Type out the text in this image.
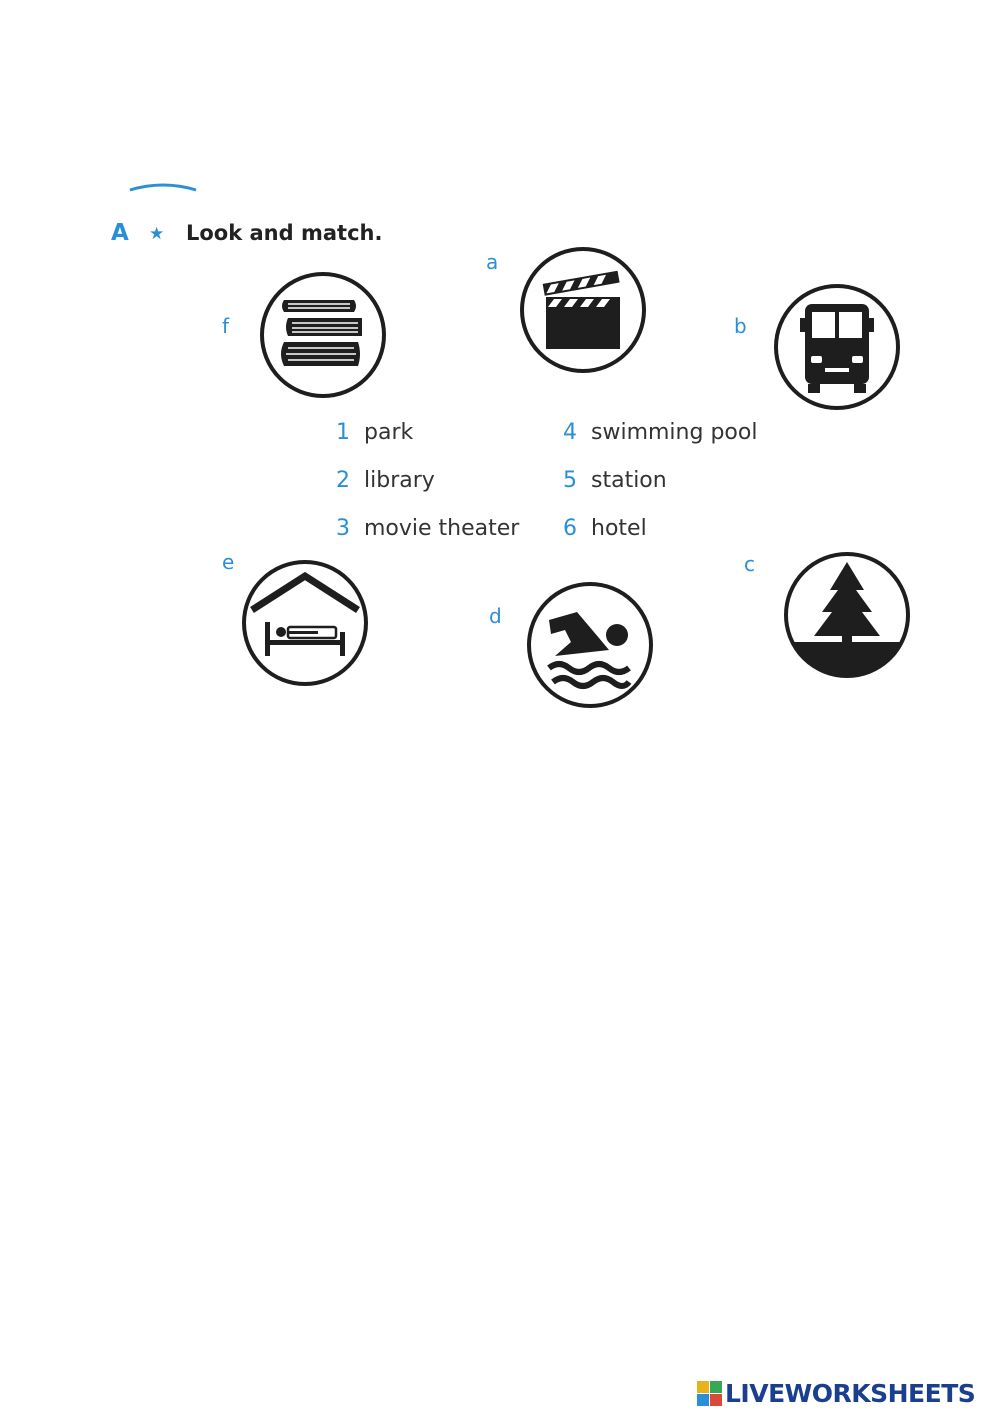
A ★ Look and match.
a
b
c
d
e
f
1 park
2 library
3 movie theater
4 swimming pool
5 station
6 hotel
LIVEWORKSHEETS
